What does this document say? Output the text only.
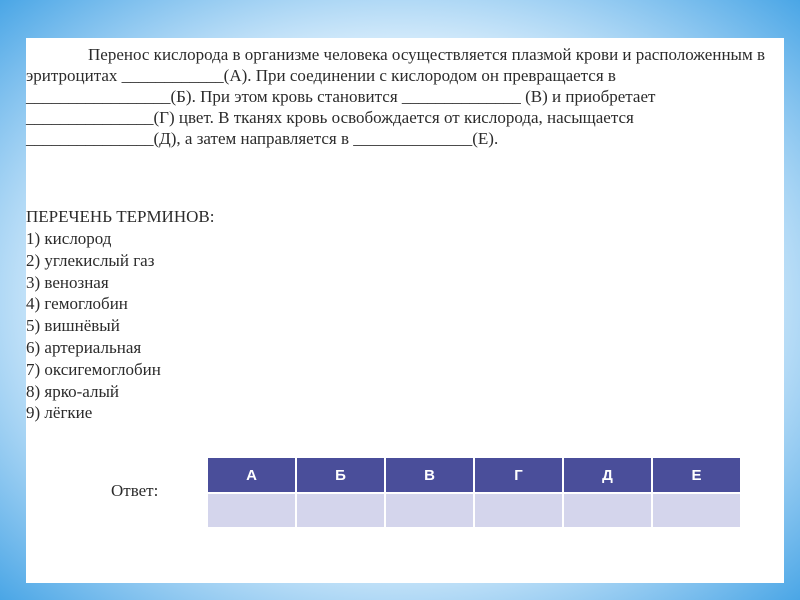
Перенос кислорода в организме человека осуществляется плазмой крови и расположенным в эритроцитах ____________(А). При соединении с кислородом он превращается в _________________(Б). При этом кровь становится ______________ (В) и приобретает _______________(Г) цвет. В тканях кровь освобождается от кислорода, насыщается _______________(Д), а затем направляется в ______________(Е).

ПЕРЕЧЕНЬ ТЕРМИНОВ:

1) кислород
2) углекислый газ
3) венозная
4) гемоглобин
5) вишнёвый
6) артериальная
7) оксигемоглобин
8) ярко-алый
9) лёгкие
Ответ:
А	Б	В	Г	Д	Е
